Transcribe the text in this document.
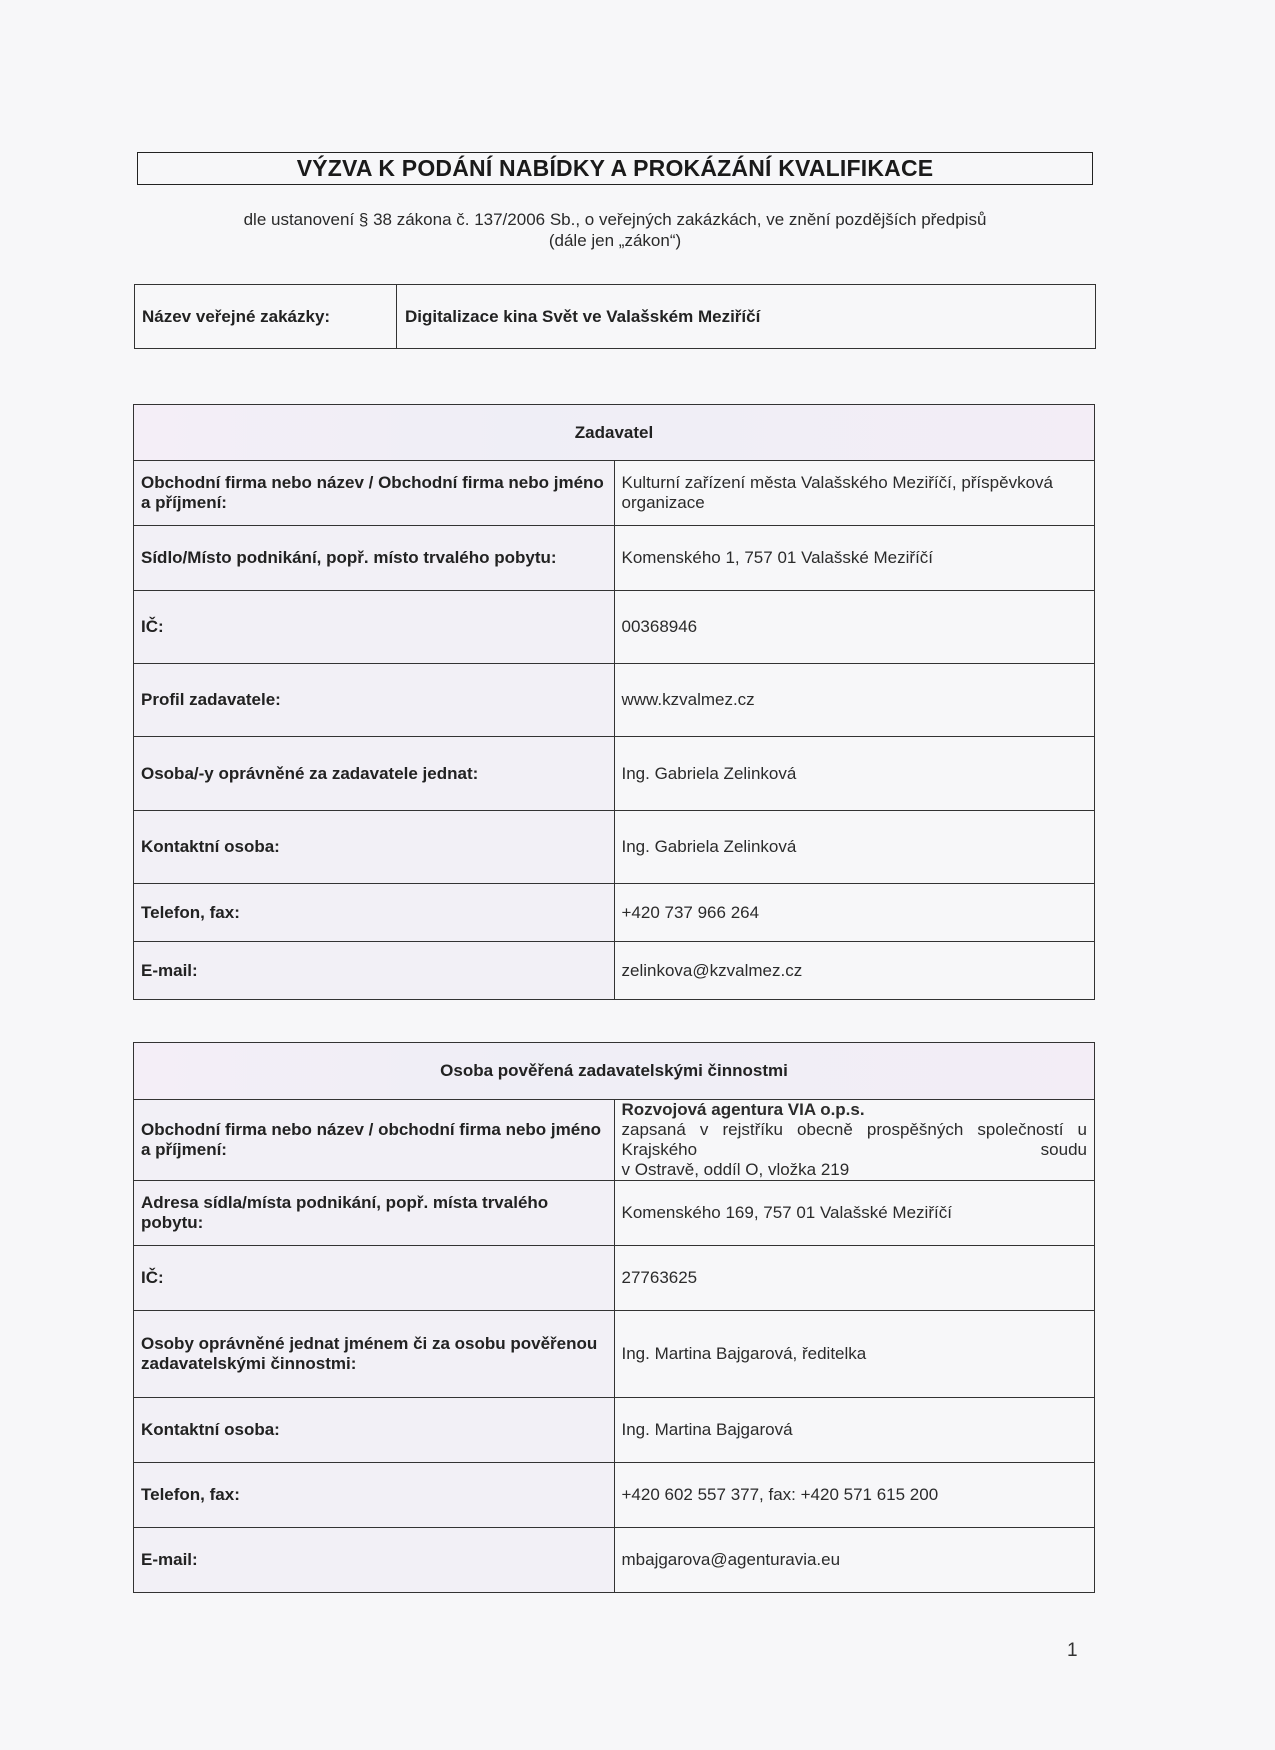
VÝZVA K PODÁNÍ NABÍDKY A PROKÁZÁNÍ KVALIFIKACE
dle ustanovení § 38 zákona č. 137/2006 Sb., o veřejných zakázkách, ve znění pozdějších předpisů
(dále jen „zákon“)
Název veřejné zakázky:	Digitalizace kina Svět ve Valašském Meziříčí
Zadavatel	
Obchodní firma nebo název / Obchodní firma nebo jméno a příjmení:	Kulturní zařízení města Valašského Meziříčí, příspěvková organizace
Sídlo/Místo podnikání, popř. místo trvalého pobytu:	Komenského 1, 757 01 Valašské Meziříčí
IČ:	00368946
Profil zadavatele:	www.kzvalmez.cz
Osoba/-y oprávněné za zadavatele jednat:	Ing. Gabriela Zelinková
Kontaktní osoba:	Ing. Gabriela Zelinková
Telefon, fax:	+420 737 966 264
E-mail:	zelinkova@kzvalmez.cz
Osoba pověřená zadavatelskými činnostmi	
Obchodní firma nebo název / obchodní firma nebo jméno a příjmení:	Rozvojová agentura VIA o.p.s.
zapsaná v rejstříku obecně prospěšných společností u Krajského soudu
v Ostravě, oddíl O, vložka 219

Adresa sídla/místa podnikání, popř. místa trvalého pobytu:	Komenského 169, 757 01 Valašské Meziříčí
IČ:	27763625
Osoby oprávněné jednat jménem či za osobu pověřenou zadavatelskými činnostmi:	Ing. Martina Bajgarová, ředitelka
Kontaktní osoba:	Ing. Martina Bajgarová
Telefon, fax:	+420 602 557 377, fax: +420 571 615 200
E-mail:	mbajgarova@agenturavia.eu
1
